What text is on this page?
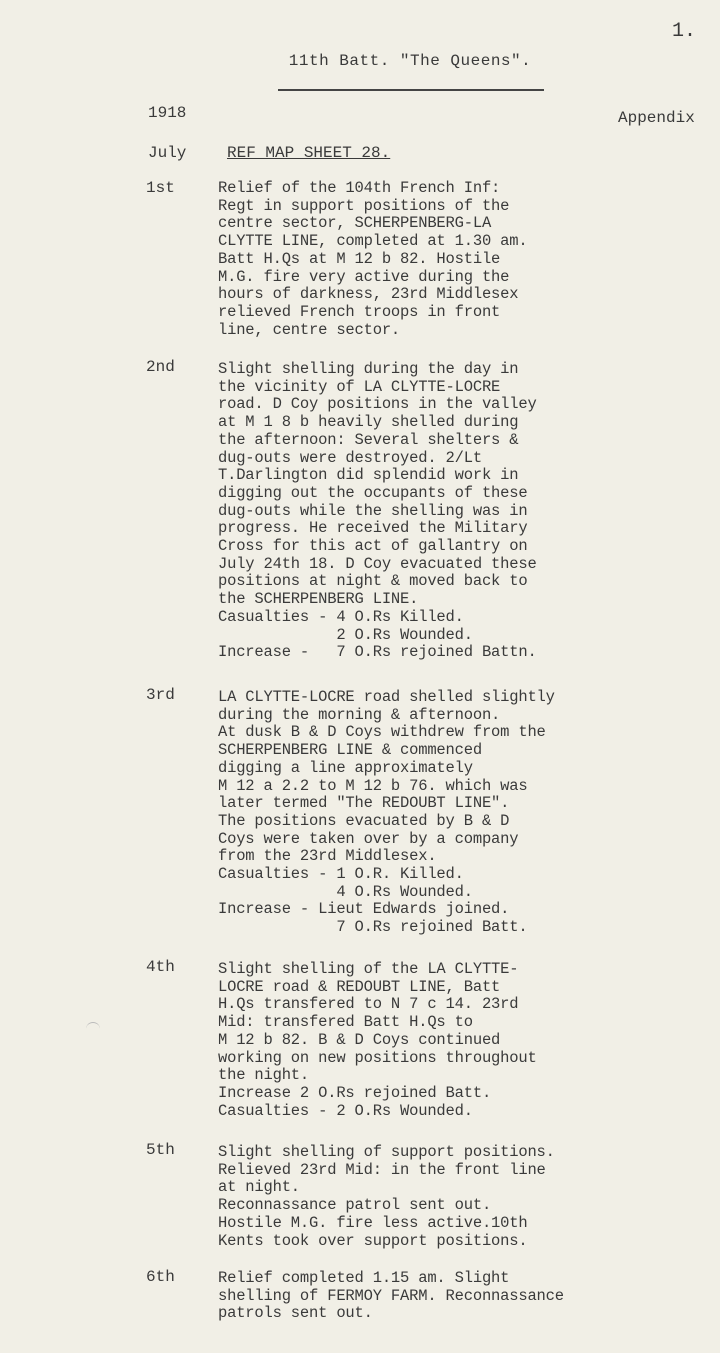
1.
11th Batt. "The Queens".
1918	Appendix
July	REF MAP SHEET 28.
1st	Relief of the 104th French Inf:
Regt in support positions of the
centre sector, SCHERPENBERG-LA
CLYTTE LINE, completed at 1.30 am.
Batt H.Qs at M 12 b 82. Hostile
M.G. fire very active during the
hours of darkness, 23rd Middlesex
relieved French troops in front
line, centre sector.
2nd	Slight shelling during the day in
the vicinity of LA CLYTTE-LOCRE
road. D Coy positions in the valley
at M 1 8 b heavily shelled during
the afternoon: Several shelters &
dug-outs were destroyed. 2/Lt
T.Darlington did splendid work in
digging out the occupants of these
dug-outs while the shelling was in
progress. He received the Military
Cross for this act of gallantry on
July 24th 18. D Coy evacuated these
positions at night & moved back to
the SCHERPENBERG LINE.
Casualties - 4 O.Rs Killed.
2 O.Rs Wounded.
Increase -   7 O.Rs rejoined Battn.
3rd	LA CLYTTE-LOCRE road shelled slightly
during the morning & afternoon.
At dusk B & D Coys withdrew from the
SCHERPENBERG LINE & commenced
digging a line approximately
M 12 a 2.2 to M 12 b 76. which was
later termed "The REDOUBT LINE".
The positions evacuated by B & D
Coys were taken over by a company
from the 23rd Middlesex.
Casualties - 1 O.R. Killed.
4 O.Rs Wounded.
Increase - Lieut Edwards joined.
7 O.Rs rejoined Batt.
4th	Slight shelling of the LA CLYTTE-
LOCRE road & REDOUBT LINE, Batt
H.Qs transfered to N 7 c 14. 23rd
Mid: transfered Batt H.Qs to
M 12 b 82. B & D Coys continued
working on new positions throughout
the night.
Increase 2 O.Rs rejoined Batt.
Casualties - 2 O.Rs Wounded.
5th	Slight shelling of support positions.
Relieved 23rd Mid: in the front line
at night.
Reconnassance patrol sent out.
Hostile M.G. fire less active.10th
Kents took over support positions.
6th	Relief completed 1.15 am. Slight
shelling of FERMOY FARM. Reconnassance
patrols sent out.
